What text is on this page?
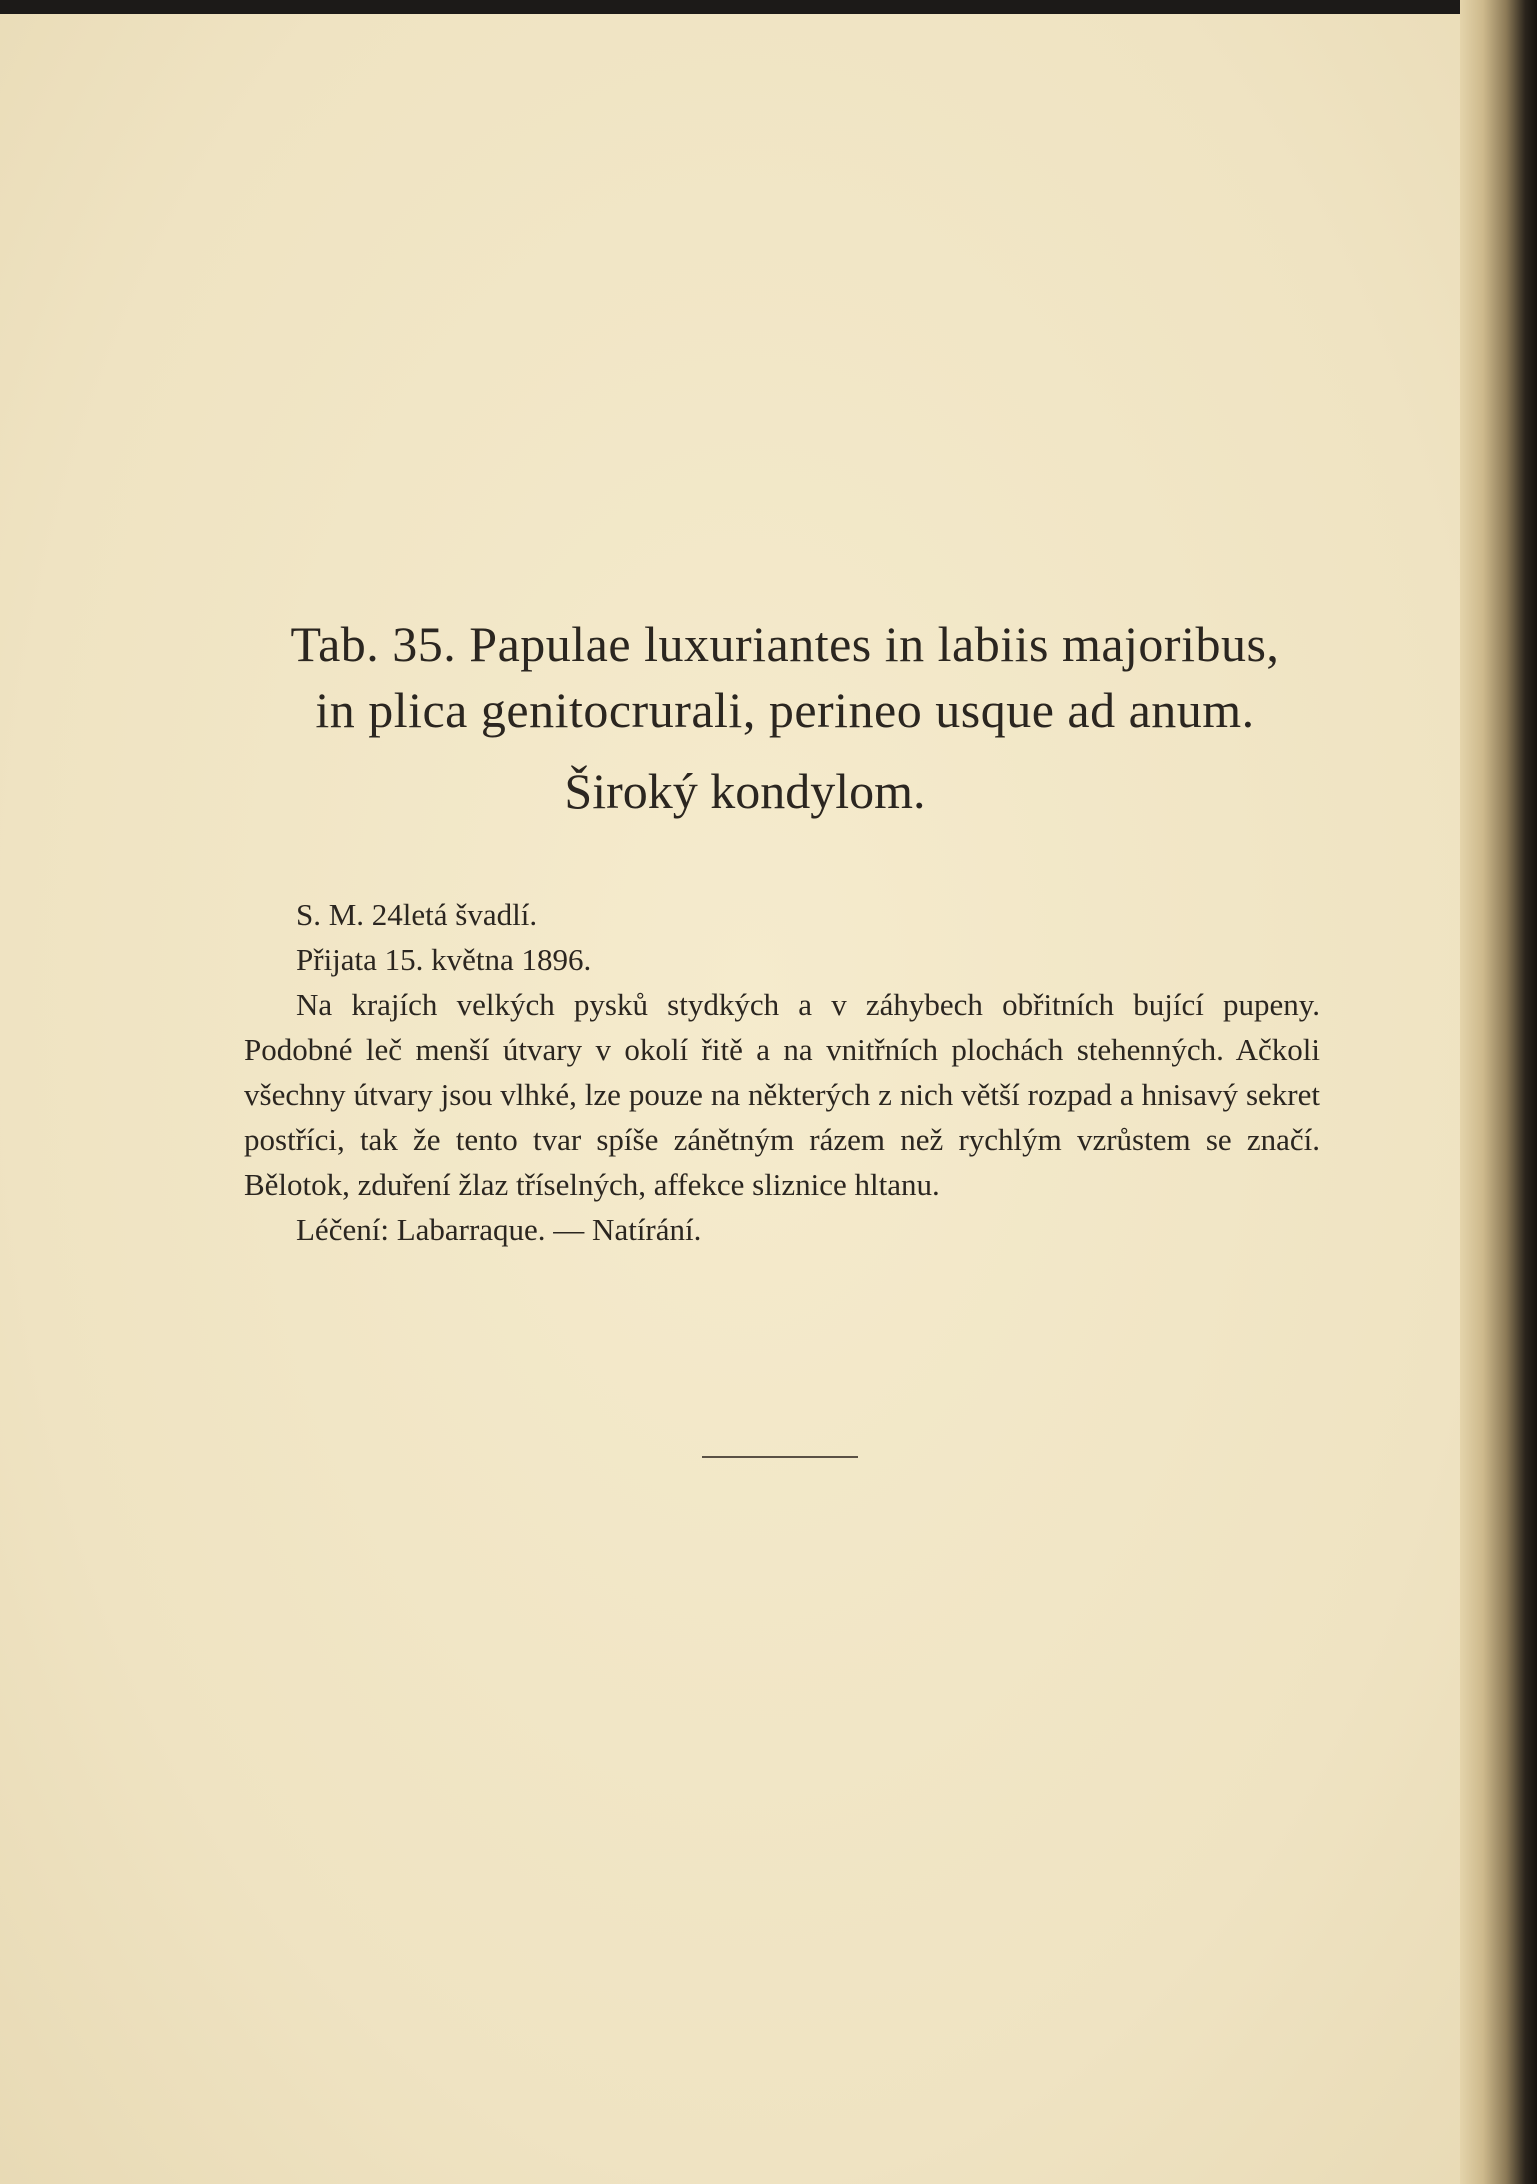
Tab. 35. Papulae luxuriantes in labiis majoribus,
in plica genitocrurali, perineo usque ad anum.
Široký kondylom.

S. M. 24letá švadlí.

Přijata 15. května 1896.

Na krajích velkých pysků stydkých a v záhybech obřitních bující pupeny. Podobné leč menší útvary v okolí řitě a na vnitřních plochách stehenných. Ačkoli všechny útvary jsou vlhké, lze pouze na některých z nich větší rozpad a hnisavý sekret postříci, tak že tento tvar spíše zánětným rázem než rychlým vzrůstem se značí. Bělotok, zduření žlaz tříselných, affekce sliznice hltanu.

Léčení: Labarraque. — Natírání.
